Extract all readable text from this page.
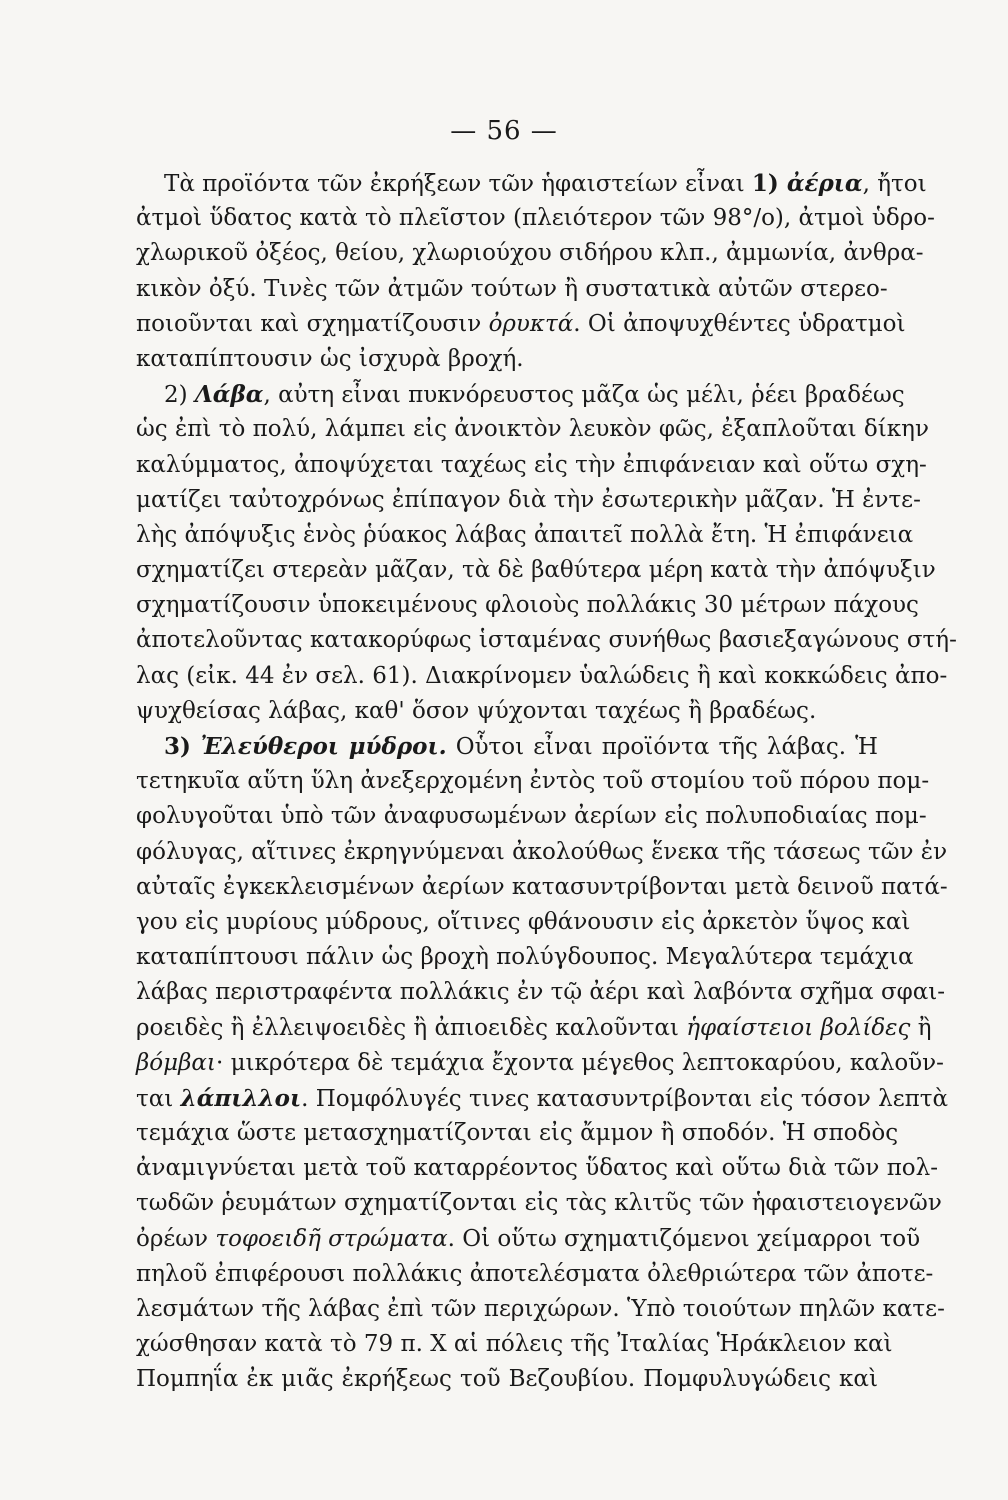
— 56 —
Τὰ προϊόντα τῶν ἐκρήξεων τῶν ἡφαιστείων εἶναι 1) ἀέρια, ἤτοι
ἀτμοὶ ὕδατος κατὰ τὸ πλεῖστον (πλειότερον τῶν 98°/o), ἀτμοὶ ὑδρο-
χλωρικοῦ ὀξέος, θείου, χλωριούχου σιδήρου κλπ., ἀμμωνία, ἀνθρα-
κικὸν ὀξύ. Τινὲς τῶν ἀτμῶν τούτων ἢ συστατικὰ αὐτῶν στερεο-
ποιοῦνται καὶ σχηματίζουσιν ὀρυκτά. Οἱ ἀποψυχθέντες ὑδρατμοὶ
καταπίπτουσιν ὡς ἰσχυρὰ βροχή.
2) Λάβα, αὐτη εἶναι πυκνόρευστος μᾶζα ὡς μέλι, ῥέει βραδέως
ὡς ἐπὶ τὸ πολύ, λάμπει εἰς ἀνοικτὸν λευκὸν φῶς, ἐξαπλοῦται δίκην
καλύμματος, ἀποψύχεται ταχέως εἰς τὴν ἐπιφάνειαν καὶ οὕτω σχη-
ματίζει ταὐτοχρόνως ἐπίπαγον διὰ τὴν ἐσωτερικὴν μᾶζαν. Ἡ ἐντε-
λὴς ἀπόψυξις ἑνὸς ῥύακος λάβας ἀπαιτεῖ πολλὰ ἔτη. Ἡ ἐπιφάνεια
σχηματίζει στερεὰν μᾶζαν, τὰ δὲ βαθύτερα μέρη κατὰ τὴν ἀπόψυξιν
σχηματίζουσιν ὑποκειμένους φλοιοὺς πολλάκις 30 μέτρων πάχους
ἀποτελοῦντας κατακορύφως ἱσταμένας συνήθως βασιεξαγώνους στή-
λας (εἰκ. 44 ἐν σελ. 61). Διακρίνομεν ὑαλώδεις ἢ καὶ κοκκώδεις ἀπο-
ψυχθείσας λάβας, καθ' ὅσον ψύχονται ταχέως ἢ βραδέως.
3) Ἐλεύθεροι μύδροι. Οὗτοι εἶναι προϊόντα τῆς λάβας. Ἡ
τετηκυῖα αὕτη ὕλη ἀνεξερχομένη ἐντὸς τοῦ στομίου τοῦ πόρου πομ-
φολυγοῦται ὑπὸ τῶν ἀναφυσωμένων ἀερίων εἰς πολυποδιαίας πομ-
φόλυγας, αἵτινες ἐκρηγνύμεναι ἀκολούθως ἕνεκα τῆς τάσεως τῶν ἐν
αὐταῖς ἐγκεκλεισμένων ἀερίων κατασυντρίβονται μετὰ δεινοῦ πατά-
γου εἰς μυρίους μύδρους, οἵτινες φθάνουσιν εἰς ἀρκετὸν ὕψος καὶ
καταπίπτουσι πάλιν ὡς βροχὴ πολύγδουπος. Μεγαλύτερα τεμάχια
λάβας περιστραφέντα πολλάκις ἐν τῷ ἀέρι καὶ λαβόντα σχῆμα σφαι-
ροειδὲς ἢ ἐλλειψοειδὲς ἢ ἀπιοειδὲς καλοῦνται ἡφαίστειοι βολίδες ἢ
βόμβαι· μικρότερα δὲ τεμάχια ἔχοντα μέγεθος λεπτοκαρύου, καλοῦν-
ται λάπιλλοι. Πομφόλυγές τινες κατασυντρίβονται εἰς τόσον λεπτὰ
τεμάχια ὥστε μετασχηματίζονται εἰς ἄμμον ἢ σποδόν. Ἡ σποδὸς
ἀναμιγνύεται μετὰ τοῦ καταρρέοντος ὕδατος καὶ οὕτω διὰ τῶν πολ-
τωδῶν ῥευμάτων σχηματίζονται εἰς τὰς κλιτῦς τῶν ἡφαιστειογενῶν
ὀρέων τοφοειδῆ στρώματα. Οἱ οὕτω σχηματιζόμενοι χείμαρροι τοῦ
πηλοῦ ἐπιφέρουσι πολλάκις ἀποτελέσματα ὀλεθριώτερα τῶν ἀποτε-
λεσμάτων τῆς λάβας ἐπὶ τῶν περιχώρων. Ὑπὸ τοιούτων πηλῶν κατε-
χώσθησαν κατὰ τὸ 79 π. Χ αἱ πόλεις τῆς Ἰταλίας Ἡράκλειον καὶ
Πομπηΐα ἐκ μιᾶς ἐκρήξεως τοῦ Βεζουβίου. Πομφυλυγώδεις καὶ
